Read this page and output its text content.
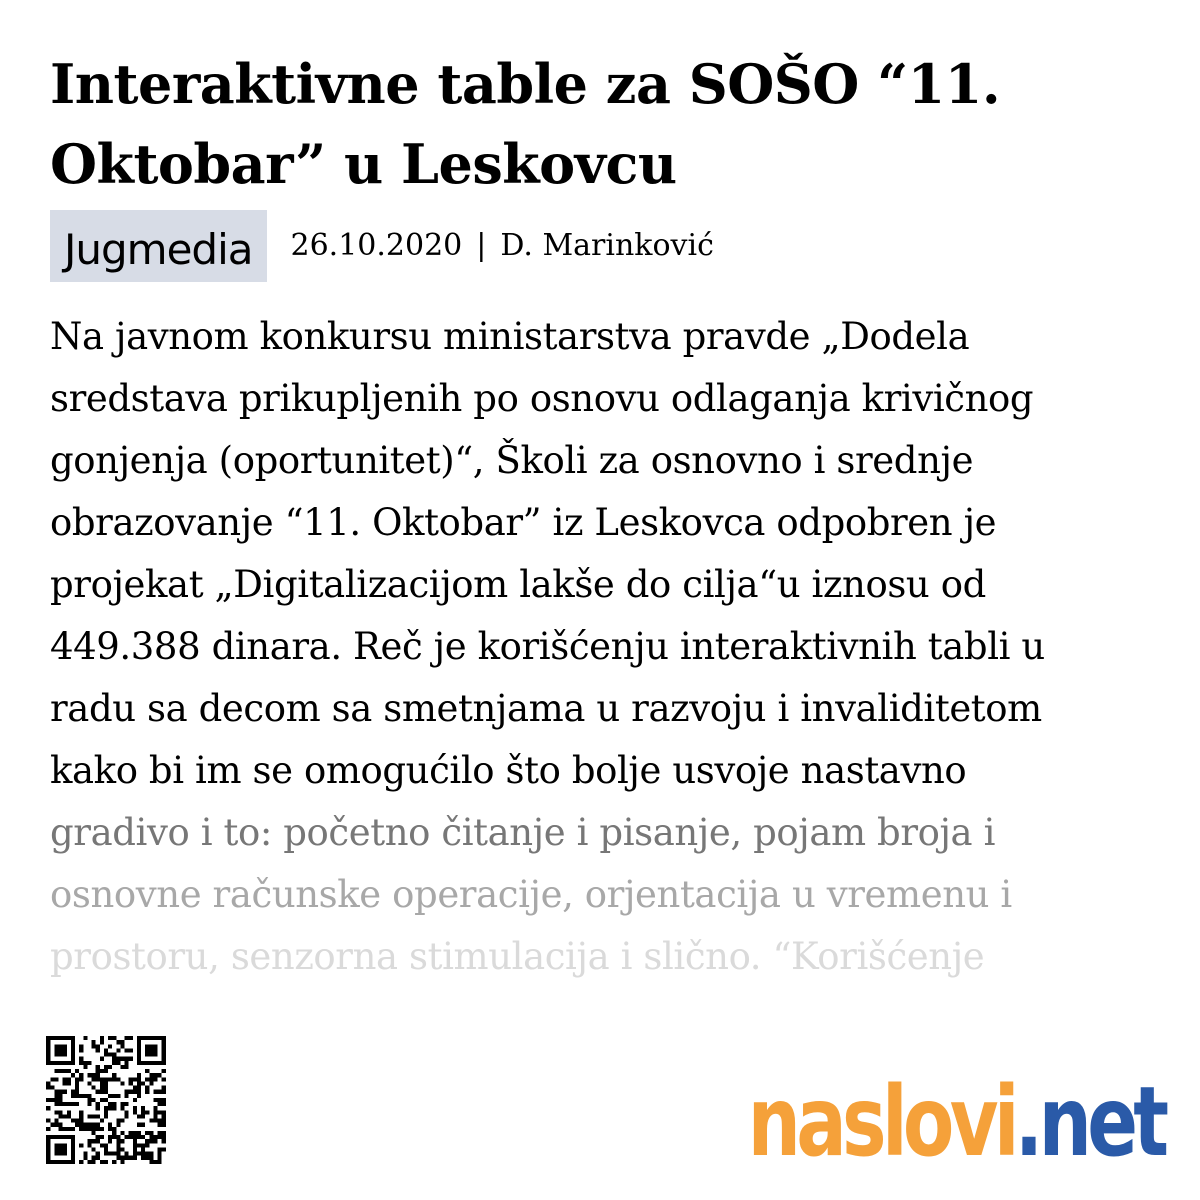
Interaktivne table za SOŠO “11. Oktobar” u Leskovcu
Jugmedia	26.10.2020 | D. Marinković
Na javnom konkursu ministarstva pravde „Dodela
sredstava prikupljenih po osnovu odlaganja krivičnog
gonjenja (oportunitet)“, Školi za osnovno i srednje
obrazovanje “11. Oktobar” iz Leskovca odpobren je
projekat „Digitalizacijom lakše do cilja“u iznosu od
449.388 dinara. Reč je korišćenju interaktivnih tabli u
radu sa decom sa smetnjama u razvoju i invaliditetom
kako bi im se omogućilo što bolje usvoje nastavno
gradivo i to: početno čitanje i pisanje, pojam broja i
osnovne računske operacije, orjentacija u vremenu i
prostoru, senzorna stimulacija i slično. “Korišćenje
naslovi .net
